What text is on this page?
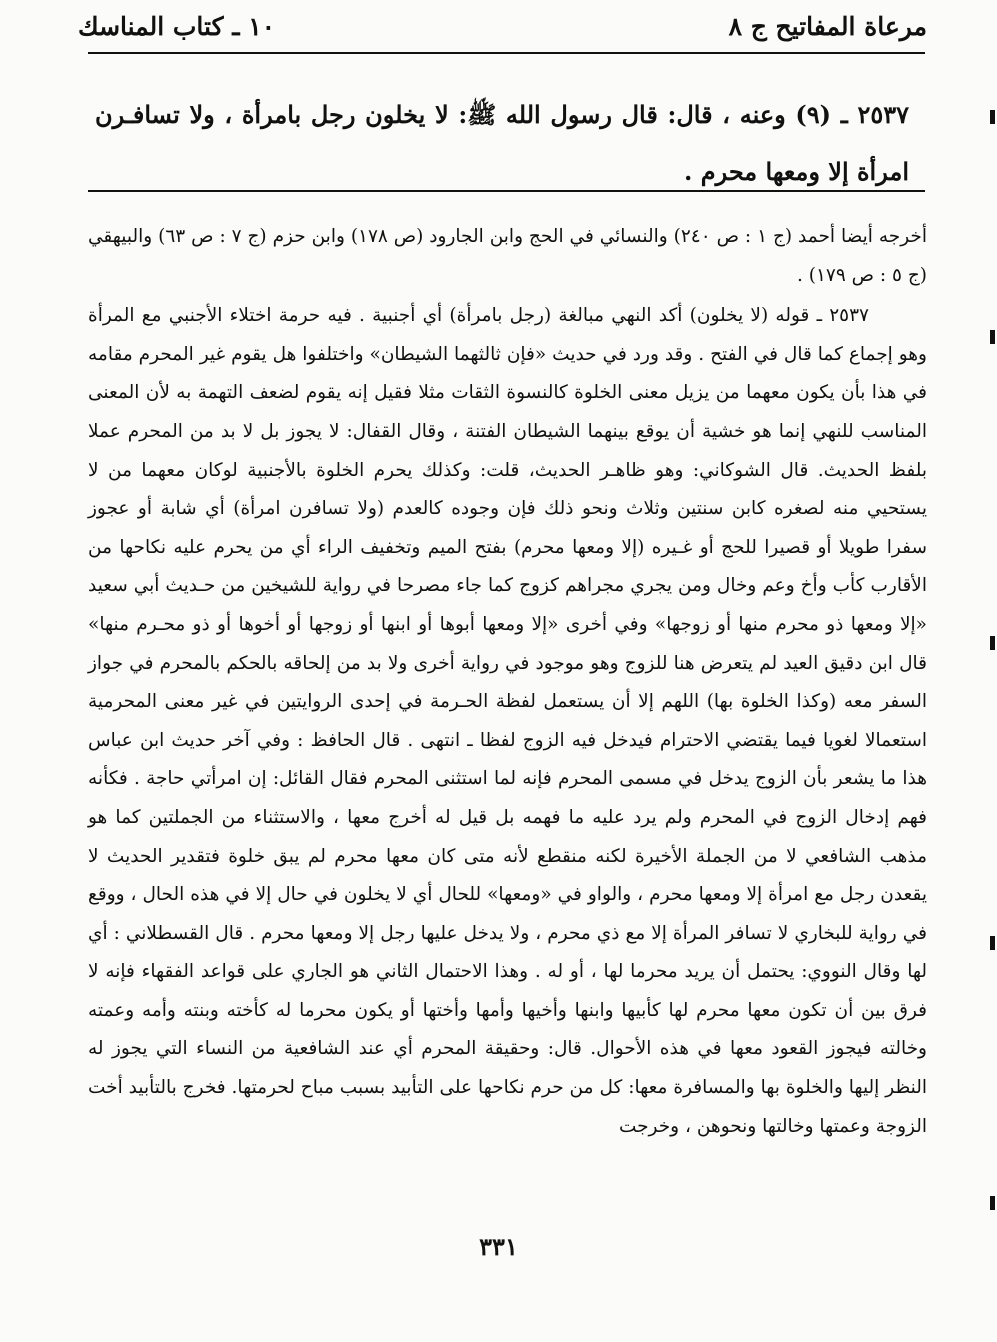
مرعاة المفاتيح ج ٨
١٠ ـ كتاب المناسك
٢٥٣٧ ـ (٩) وعنه ، قال: قال رسول الله ﷺ: لا يخلون رجل بامرأة ، ولا تسافـرن امرأة إلا ومعها محرم .

أخرجه أيضا أحمد (ج ١ : ص ٢٤٠) والنسائي في الحج وابن الجارود (ص ١٧٨) وابن حزم (ج ٧ : ص ٦٣) والبيهقي (ج ٥ : ص ١٧٩) .

٢٥٣٧ ـ قوله (لا يخلون) أكد النهي مبالغة (رجل بامرأة) أي أجنبية . فيه حرمة اختلاء الأجنبي مع المرأة وهو إجماع كما قال في الفتح . وقد ورد في حديث «فإن ثالثهما الشيطان» واختلفوا هل يقوم غير المحرم مقامه في هذا بأن يكون معهما من يزيل معنى الخلوة كالنسوة الثقات مثلا فقيل إنه يقوم لضعف التهمة به لأن المعنى المناسب للنهي إنما هو خشية أن يوقع بينهما الشيطان الفتنة ، وقال القفال: لا يجوز بل لا بد من المحرم عملا بلفظ الحديث. قال الشوكاني: وهو ظاهـر الحديث، قلت: وكذلك يحرم الخلوة بالأجنبية لوكان معهما من لا يستحيي منه لصغره كابن سنتين وثلاث ونحو ذلك فإن وجوده كالعدم (ولا تسافرن امرأة) أي شابة أو عجوز سفرا طويلا أو قصيرا للحج أو غـيره (إلا ومعها محرم) بفتح الميم وتخفيف الراء أي من يحرم عليه نكاحها من الأقارب كأب وأخ وعم وخال ومن يجري مجراهم كزوج كما جاء مصرحا في رواية للشيخين من حـديث أبي سعيد «إلا ومعها ذو محرم منها أو زوجها» وفي أخرى «إلا ومعها أبوها أو ابنها أو زوجها أو أخوها أو ذو محـرم منها» قال ابن دقيق العيد لم يتعرض هنا للزوج وهو موجود في رواية أخرى ولا بد من إلحاقه بالحكم بالمحرم في جواز السفر معه (وكذا الخلوة بها) اللهم إلا أن يستعمل لفظة الحـرمة في إحدى الروايتين في غير معنى المحرمية استعمالا لغويا فيما يقتضي الاحترام فيدخل فيه الزوج لفظا ـ انتهى . قال الحافظ : وفي آخر حديث ابن عباس هذا ما يشعر بأن الزوج يدخل في مسمى المحرم فإنه لما استثنى المحرم فقال القائل: إن امرأتي حاجة . فكأنه فهم إدخال الزوج في المحرم ولم يرد عليه ما فهمه بل قيل له أخرج معها ، والاستثناء من الجملتين كما هو مذهب الشافعي لا من الجملة الأخيرة لكنه منقطع لأنه متى كان معها محرم لم يبق خلوة فتقدير الحديث لا يقعدن رجل مع امرأة إلا ومعها محرم ، والواو في «ومعها» للحال أي لا يخلون في حال إلا في هذه الحال ، ووقع في رواية للبخاري لا تسافر المرأة إلا مع ذي محرم ، ولا يدخل عليها رجل إلا ومعها محرم . قال القسطلاني : أي لها وقال النووي: يحتمل أن يريد محرما لها ، أو له . وهذا الاحتمال الثاني هو الجاري على قواعد الفقهاء فإنه لا فرق بين أن تكون معها محرم لها كأبيها وابنها وأخيها وأمها وأختها أو يكون محرما له كأخته وبنته وأمه وعمته وخالته فيجوز القعود معها في هذه الأحوال. قال: وحقيقة المحرم أي عند الشافعية من النساء التي يجوز له النظر إليها والخلوة بها والمسافرة معها: كل من حرم نكاحها على التأبيد بسبب مباح لحرمتها. فخرج بالتأبيد أخت الزوجة وعمتها وخالتها ونحوهن ، وخرجت

٣٣١
